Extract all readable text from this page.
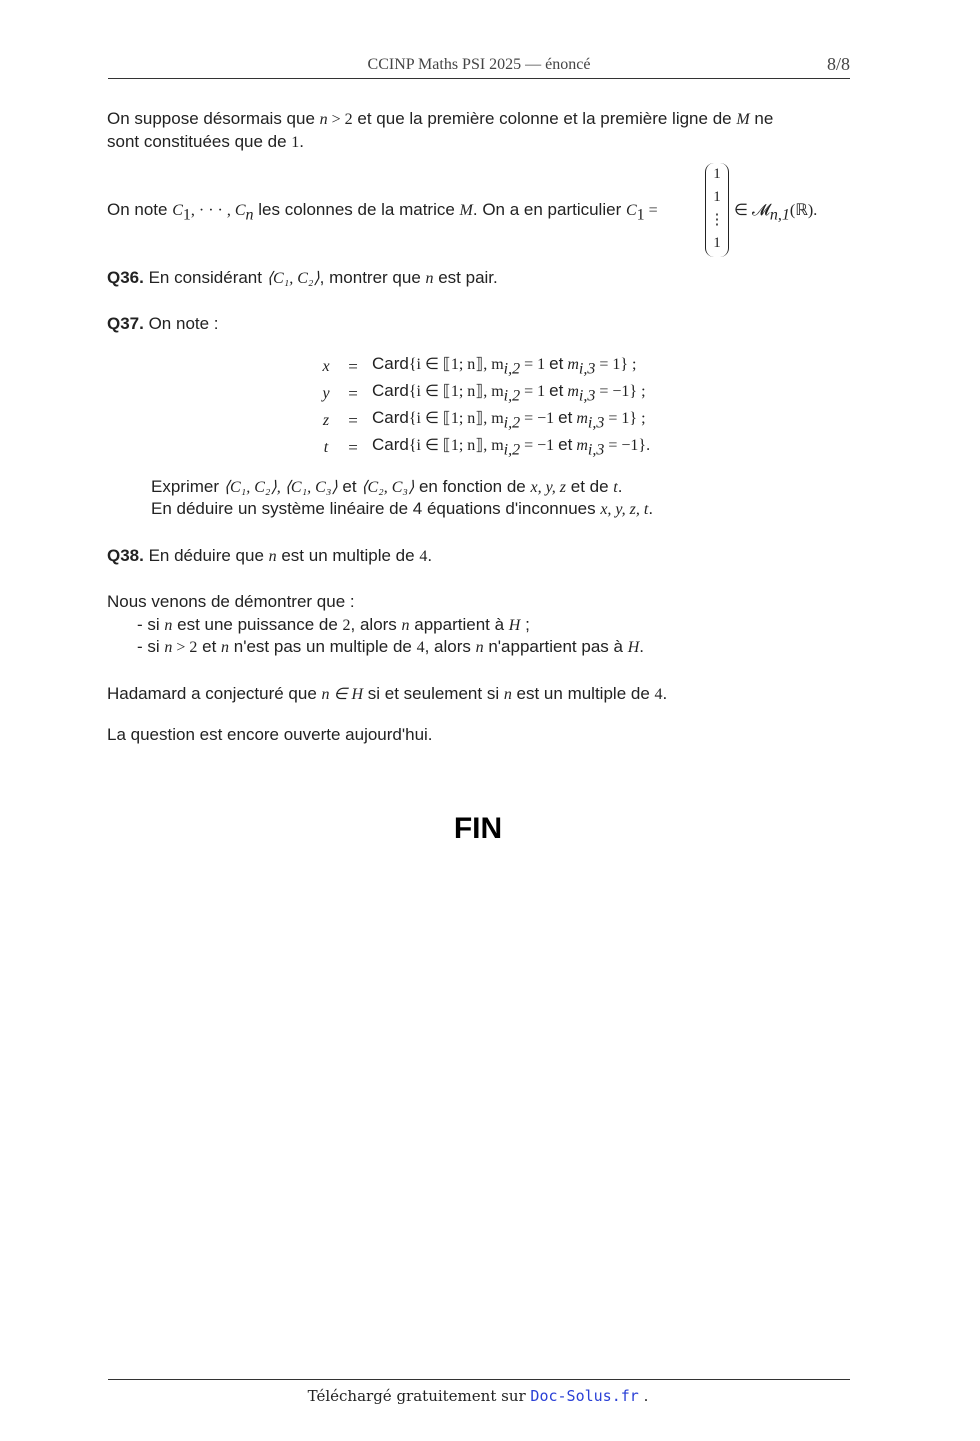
CCINP Maths PSI 2025 — énoncé	8/8
On suppose désormais que n > 2 et que la première colonne et la première ligne de M ne
sont constituées que de 1.
On note $C_1$, · · · , $C_n$ les colonnes de la matrice M. On a en particulier $C_1$ =
1
1
⋮
1
∈ 𝓜$_{n,1}$(ℝ).
Q36. En considérant ⟨C₁, C₂⟩, montrer que n est pair.
Q37. On note :
x	=	Card{i ∈ ⟦1; n⟧, $m_{i,2} = 1$ et $m_{i,3} = 1$} ;
y	=	Card{i ∈ ⟦1; n⟧, $m_{i,2} = 1$ et $m_{i,3} = -1$} ;
z	=	Card{i ∈ ⟦1; n⟧, $m_{i,2} = -1$ et $m_{i,3} = 1$} ;
t	=	Card{i ∈ ⟦1; n⟧, $m_{i,2} = -1$ et $m_{i,3} = -1$}.
Exprimer ⟨C₁, C₂⟩, ⟨C₁, C₃⟩ et ⟨C₂, C₃⟩ en fonction de x, y, z et de t.
En déduire un système linéaire de 4 équations d'inconnues x, y, z, t.
Q38. En déduire que n est un multiple de 4.
Nous venons de démontrer que :
- si n est une puissance de 2, alors n appartient à H ;
- si n > 2 et n n'est pas un multiple de 4, alors n n'appartient pas à H.
Hadamard a conjecturé que n ∈ H si et seulement si n est un multiple de 4.
La question est encore ouverte aujourd'hui.
FIN
Téléchargé gratuitement sur Doc-Solus.fr .
